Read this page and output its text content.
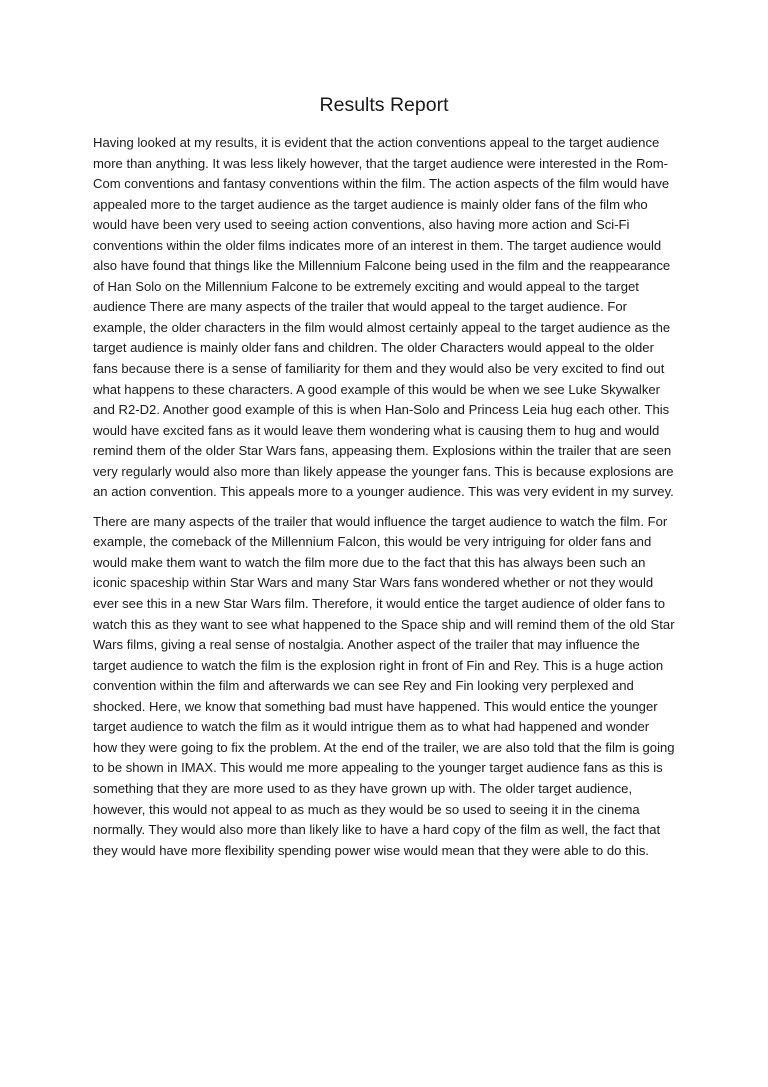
Results Report

Having looked at my results, it is evident that the action conventions appeal to the target audience more than anything. It was less likely however, that the target audience were interested in the Rom-Com conventions and fantasy conventions within the film. The action aspects of the film would have appealed more to the target audience as the target audience is mainly older fans of the film who would have been very used to seeing action conventions, also having more action and Sci-Fi conventions within the older films indicates more of an interest in them. The target audience would also have found that things like the Millennium Falcone being used in the film and the reappearance of Han Solo on the Millennium Falcone to be extremely exciting and would appeal to the target audience There are many aspects of the trailer that would appeal to the target audience. For example, the older characters in the film would almost certainly appeal to the target audience as the target audience is mainly older fans and children. The older Characters would appeal to the older fans because there is a sense of familiarity for them and they would also be very excited to find out what happens to these characters. A good example of this would be when we see Luke Skywalker and R2-D2. Another good example of this is when Han-Solo and Princess Leia hug each other. This would have excited fans as it would leave them wondering what is causing them to hug and would remind them of the older Star Wars fans, appeasing them. Explosions within the trailer that are seen very regularly would also more than likely appease the younger fans. This is because explosions are an action convention. This appeals more to a younger audience. This was very evident in my survey.

There are many aspects of the trailer that would influence the target audience to watch the film. For example, the comeback of the Millennium Falcon, this would be very intriguing for older fans and would make them want to watch the film more due to the fact that this has always been such an iconic spaceship within Star Wars and many Star Wars fans wondered whether or not they would ever see this in a new Star Wars film. Therefore, it would entice the target audience of older fans to watch this as they want to see what happened to the Space ship and will remind them of the old Star Wars films, giving a real sense of nostalgia. Another aspect of the trailer that may influence the target audience to watch the film is the explosion right in front of Fin and Rey. This is a huge action convention within the film and afterwards we can see Rey and Fin looking very perplexed and shocked. Here, we know that something bad must have happened. This would entice the younger target audience to watch the film as it would intrigue them as to what had happened and wonder how they were going to fix the problem. At the end of the trailer, we are also told that the film is going to be shown in IMAX. This would me more appealing to the younger target audience fans as this is something that they are more used to as they have grown up with. The older target audience, however, this would not appeal to as much as they would be so used to seeing it in the cinema normally. They would also more than likely like to have a hard copy of the film as well, the fact that they would have more flexibility spending power wise would mean that they were able to do this.
